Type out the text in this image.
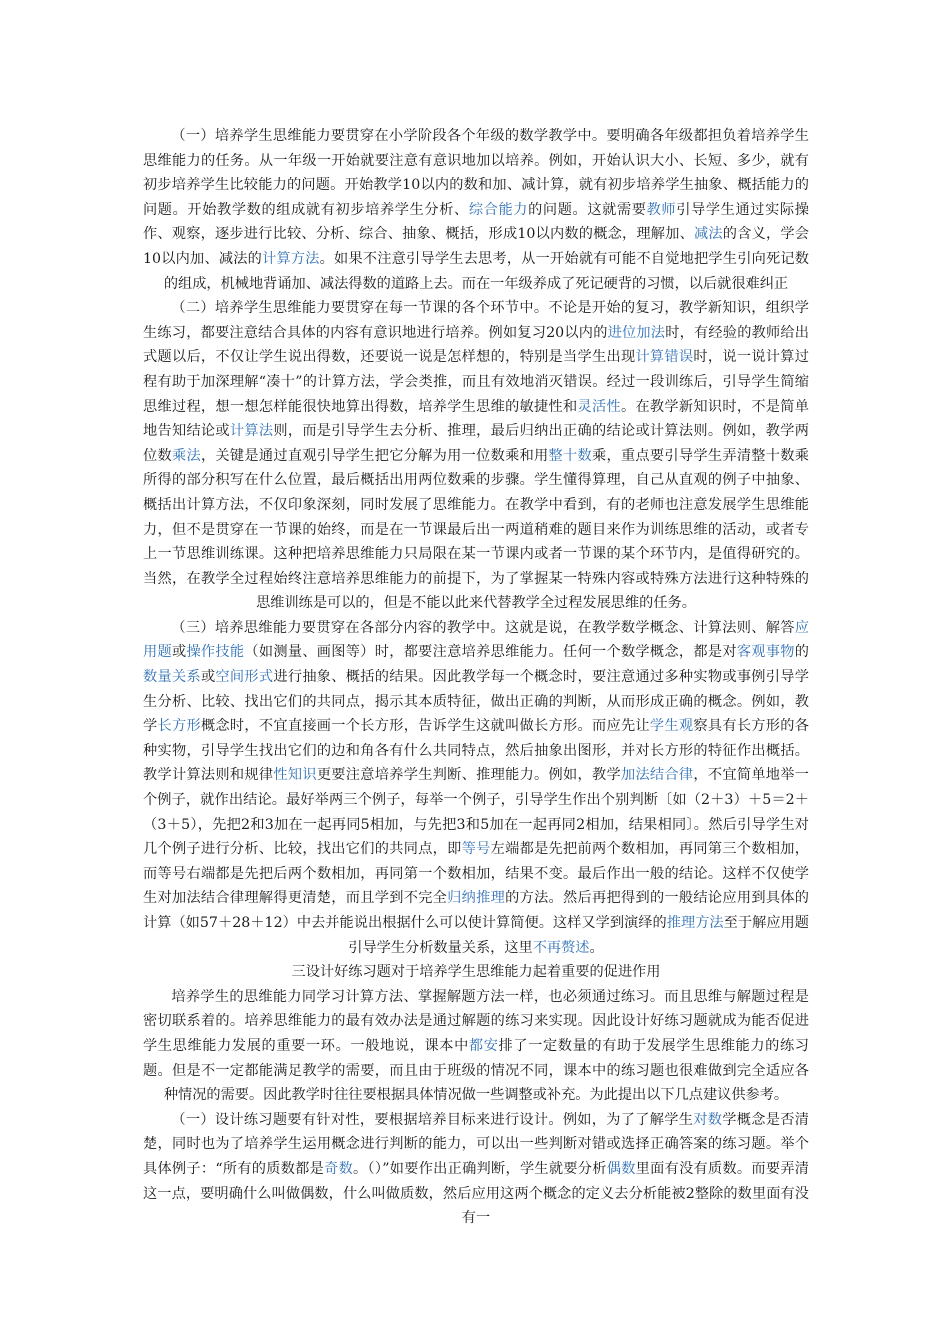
（一）培养学生思维能力要贯穿在小学阶段各个年级的数学教学中。要明确各年级都担负着培养学生思维能力的任务。从一年级一开始就要注意有意识地加以培养。例如，开始认识大小、长短、多少，就有初步培养学生比较能力的问题。开始教学10以内的数和加、减计算，就有初步培养学生抽象、概括能力的问题。开始教学数的组成就有初步培养学生分析、综合能力的问题。这就需要教师引导学生通过实际操作、观察，逐步进行比较、分析、综合、抽象、概括，形成10以内数的概念，理解加、减法的含义，学会10以内加、减法的计算方法。如果不注意引导学生去思考，从一开始就有可能不自觉地把学生引向死记数的组成，机械地背诵加、减法得数的道路上去。而在一年级养成了死记硬背的习惯，以后就很难纠正

（二）培养学生思维能力要贯穿在每一节课的各个环节中。不论是开始的复习，教学新知识，组织学生练习，都要注意结合具体的内容有意识地进行培养。例如复习20以内的进位加法时，有经验的教师给出式题以后，不仅让学生说出得数，还要说一说是怎样想的，特别是当学生出现计算错误时，说一说计算过程有助于加深理解“凑十”的计算方法，学会类推，而且有效地消灭错误。经过一段训练后，引导学生简缩思维过程，想一想怎样能很快地算出得数，培养学生思维的敏捷性和灵活性。在教学新知识时，不是简单地告知结论或计算法则，而是引导学生去分析、推理，最后归纳出正确的结论或计算法则。例如，教学两位数乘法，关键是通过直观引导学生把它分解为用一位数乘和用整十数乘，重点要引导学生弄清整十数乘所得的部分积写在什么位置，最后概括出用两位数乘的步骤。学生懂得算理，自己从直观的例子中抽象、概括出计算方法，不仅印象深刻，同时发展了思维能力。在教学中看到，有的老师也注意发展学生思维能力，但不是贯穿在一节课的始终，而是在一节课最后出一两道稍难的题目来作为训练思维的活动，或者专上一节思维训练课。这种把培养思维能力只局限在某一节课内或者一节课的某个环节内，是值得研究的。当然，在教学全过程始终注意培养思维能力的前提下，为了掌握某一特殊内容或特殊方法进行这种特殊的思维训练是可以的，但是不能以此来代替教学全过程发展思维的任务。

（三）培养思维能力要贯穿在各部分内容的教学中。这就是说，在教学数学概念、计算法则、解答应用题或操作技能（如测量、画图等）时，都要注意培养思维能力。任何一个数学概念，都是对客观事物的数量关系或空间形式进行抽象、概括的结果。因此教学每一个概念时，要注意通过多种实物或事例引导学生分析、比较、找出它们的共同点，揭示其本质特征，做出正确的判断，从而形成正确的概念。例如，教学长方形概念时，不宜直接画一个长方形，告诉学生这就叫做长方形。而应先让学生观察具有长方形的各种实物，引导学生找出它们的边和角各有什么共同特点，然后抽象出图形，并对长方形的特征作出概括。教学计算法则和规律性知识更要注意培养学生判断、推理能力。例如，教学加法结合律，不宜简单地举一个例子，就作出结论。最好举两三个例子，每举一个例子，引导学生作出个别判断〔如（2＋3）＋5＝2＋（3＋5），先把2和3加在一起再同5相加，与先把3和5加在一起再同2相加，结果相同〕。然后引导学生对几个例子进行分析、比较，找出它们的共同点，即等号左端都是先把前两个数相加，再同第三个数相加，而等号右端都是先把后两个数相加，再同第一个数相加，结果不变。最后作出一般的结论。这样不仅使学生对加法结合律理解得更清楚，而且学到不完全归纳推理的方法。然后再把得到的一般结论应用到具体的计算（如57＋28＋12）中去并能说出根据什么可以使计算简便。这样又学到演绎的推理方法至于解应用题引导学生分析数量关系，这里不再赘述。

三设计好练习题对于培养学生思维能力起着重要的促进作用

培养学生的思维能力同学习计算方法、掌握解题方法一样，也必须通过练习。而且思维与解题过程是密切联系着的。培养思维能力的最有效办法是通过解题的练习来实现。因此设计好练习题就成为能否促进学生思维能力发展的重要一环。一般地说，课本中都安排了一定数量的有助于发展学生思维能力的练习题。但是不一定都能满足教学的需要，而且由于班级的情况不同，课本中的练习题也很难做到完全适应各种情况的需要。因此教学时往往要根据具体情况做一些调整或补充。为此提出以下几点建议供参考。

（一）设计练习题要有针对性，要根据培养目标来进行设计。例如，为了了解学生对数学概念是否清楚，同时也为了培养学生运用概念进行判断的能力，可以出一些判断对错或选择正确答案的练习题。举个具体例子：“所有的质数都是奇数。（）”如要作出正确判断，学生就要分析偶数里面有没有质数。而要弄清这一点，要明确什么叫做偶数，什么叫做质数，然后应用这两个概念的定义去分析能被2整除的数里面有没有一
